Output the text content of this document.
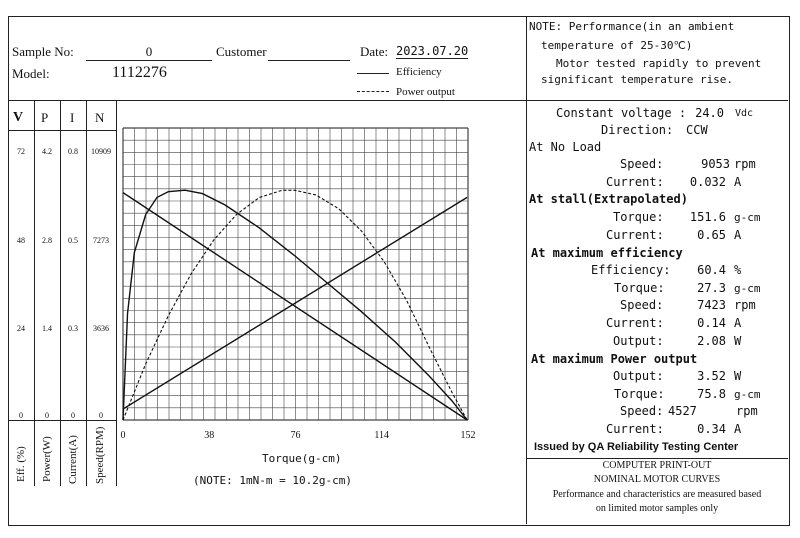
Sample No:	0	Customer
Model:	1112276
Date: 2023.07.20
Efficiency
Power output
NOTE: Performance(in an ambient
temperature of 25-30℃)
Motor tested rapidly to prevent
significant temperature rise.
V P I N
Eff. (%) Power(W) Current(A) Speed(RPM) 0	38	76	114	152
72
48
24
0
4.2
2.8
1.4
0
0.8
0.5
0.3
0
10909
7273
3636
0
Torque(g-cm)
(NOTE: 1mN-m = 10.2g-cm)
Constant voltage : 24.0 Vdc
Direction: CCW
At No Load
Speed:	9053 rpm
Current:	0.032 A
At stall(Extrapolated)
Torque:	151.6 g-cm
Current:	0.65 A
At maximum efficiency
Efficiency:	60.4 %
Torque:	27.3 g-cm
Speed:	7423 rpm
Current:	0.14 A
Output:	2.08 W
At maximum Power output
Output:	3.52 W
Torque:	75.8 g-cm
Speed: 4527	rpm
Current:	0.34 A
Issued by QA Reliability Testing Center
COMPUTER PRINT-OUT
NOMINAL MOTOR CURVES
Performance and characteristics are measured based
on limited motor samples only
